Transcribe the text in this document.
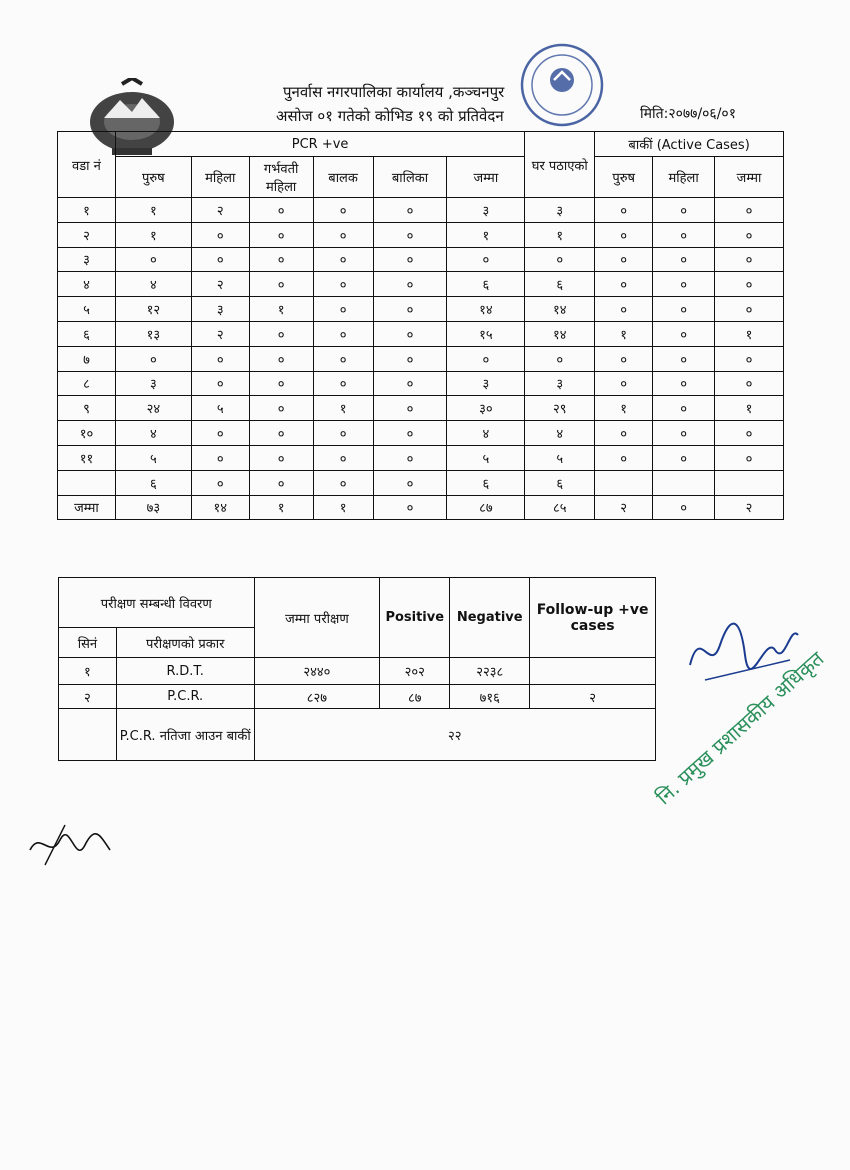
पुनर्वास नगरपालिका कार्यालय ,कञ्चनपुर
असोज ०१ गतेको कोभिड १९ को प्रतिवेदन	मिति:२०७७/०६/०१
वडा नं	PCR +ve						घर पठाएको	बाकीं (Active Cases)		
	पुरुष	महिला	गर्भवती महिला	बालक	बालिका	जम्मा		पुरुष	महिला	जम्मा
१	१	२	०	०	०	३	३	०	०	०
२	१	०	०	०	०	१	१	०	०	०
३	०	०	०	०	०	०	०	०	०	०
४	४	२	०	०	०	६	६	०	०	०
५	१२	३	१	०	०	१४	१४	०	०	०
६	१३	२	०	०	०	१५	१४	१	०	१
७	०	०	०	०	०	०	०	०	०	०
८	३	०	०	०	०	३	३	०	०	०
९	२४	५	०	१	०	३०	२९	१	०	१
१०	४	०	०	०	०	४	४	०	०	०
११	५	०	०	०	०	५	५	०	०	०
	६	०	०	०	०	६	६			
जम्मा	७३	१४	१	१	०	८७	८५	२	०	२
परीक्षण सम्बन्धी विवरण		जम्मा परीक्षण	Positive	Negative	Follow-up +ve cases
सिनं	परीक्षणको प्रकार				
१	R.D.T.	२४४०	२०२	२२३८	
२	P.C.R.	८२७	८७	७१६	२
	P.C.R. नतिजा आउन बाकीं	२२			
नि. प्रमुख प्रशासकीय अधिकृत
